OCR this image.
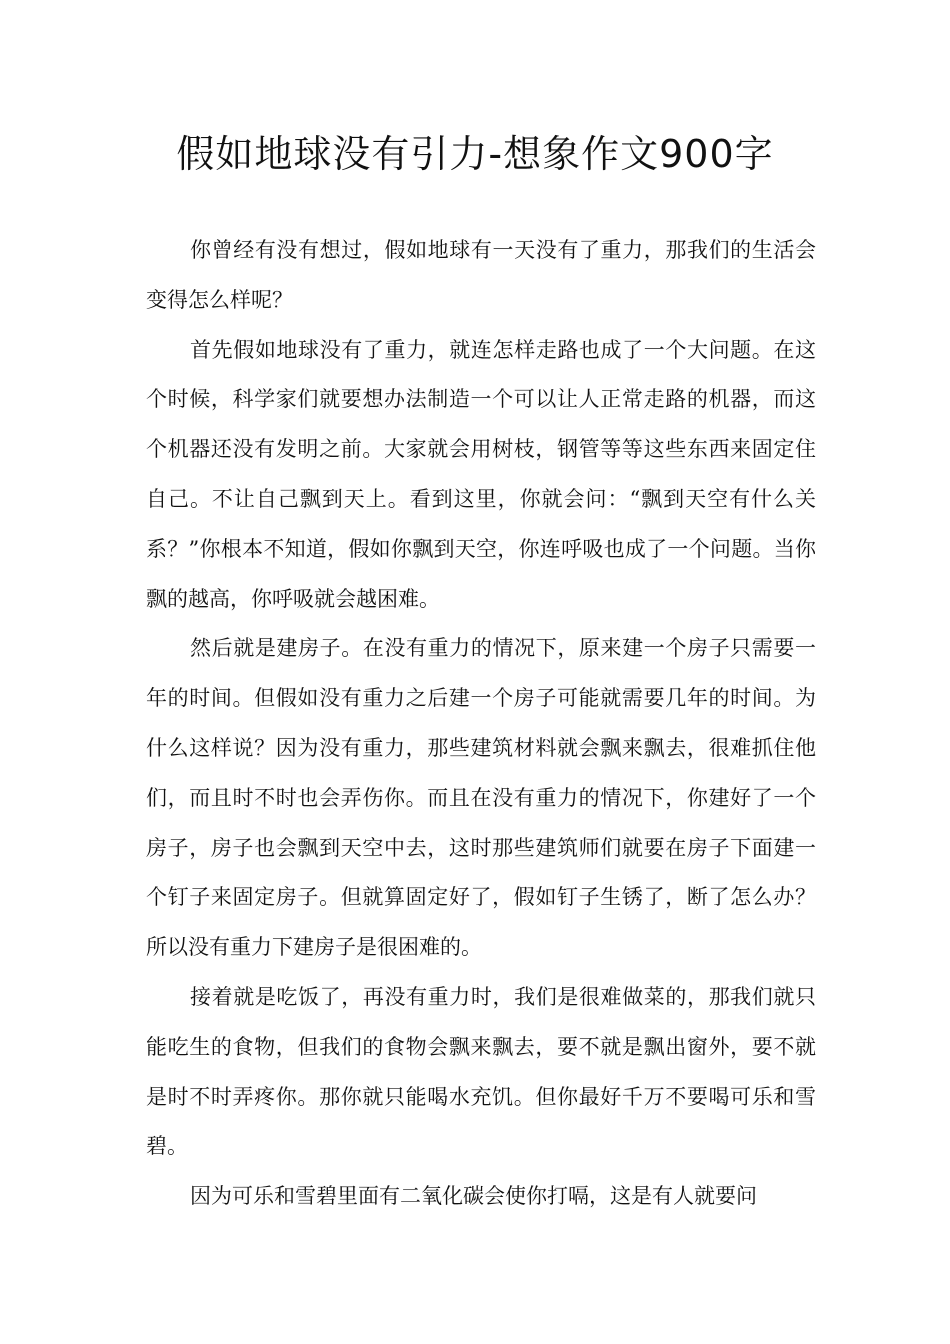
假如地球没有引力-想象作文900字

你曾经有没有想过，假如地球有一天没有了重力，那我们的生活会变得怎么样呢？

首先假如地球没有了重力，就连怎样走路也成了一个大问题。在这个时候，科学家们就要想办法制造一个可以让人正常走路的机器，而这个机器还没有发明之前。大家就会用树枝，钢管等等这些东西来固定住自己。不让自己飘到天上。看到这里，你就会问：“飘到天空有什么关系？”你根本不知道，假如你飘到天空，你连呼吸也成了一个问题。当你飘的越高，你呼吸就会越困难。

然后就是建房子。在没有重力的情况下，原来建一个房子只需要一年的时间。但假如没有重力之后建一个房子可能就需要几年的时间。为什么这样说？因为没有重力，那些建筑材料就会飘来飘去，很难抓住他们，而且时不时也会弄伤你。而且在没有重力的情况下，你建好了一个房子，房子也会飘到天空中去，这时那些建筑师们就要在房子下面建一个钉子来固定房子。但就算固定好了，假如钉子生锈了，断了怎么办？所以没有重力下建房子是很困难的。

接着就是吃饭了，再没有重力时，我们是很难做菜的，那我们就只能吃生的食物，但我们的食物会飘来飘去，要不就是飘出窗外，要不就是时不时弄疼你。那你就只能喝水充饥。但你最好千万不要喝可乐和雪碧。

因为可乐和雪碧里面有二氧化碳会使你打嗝，这是有人就要问
